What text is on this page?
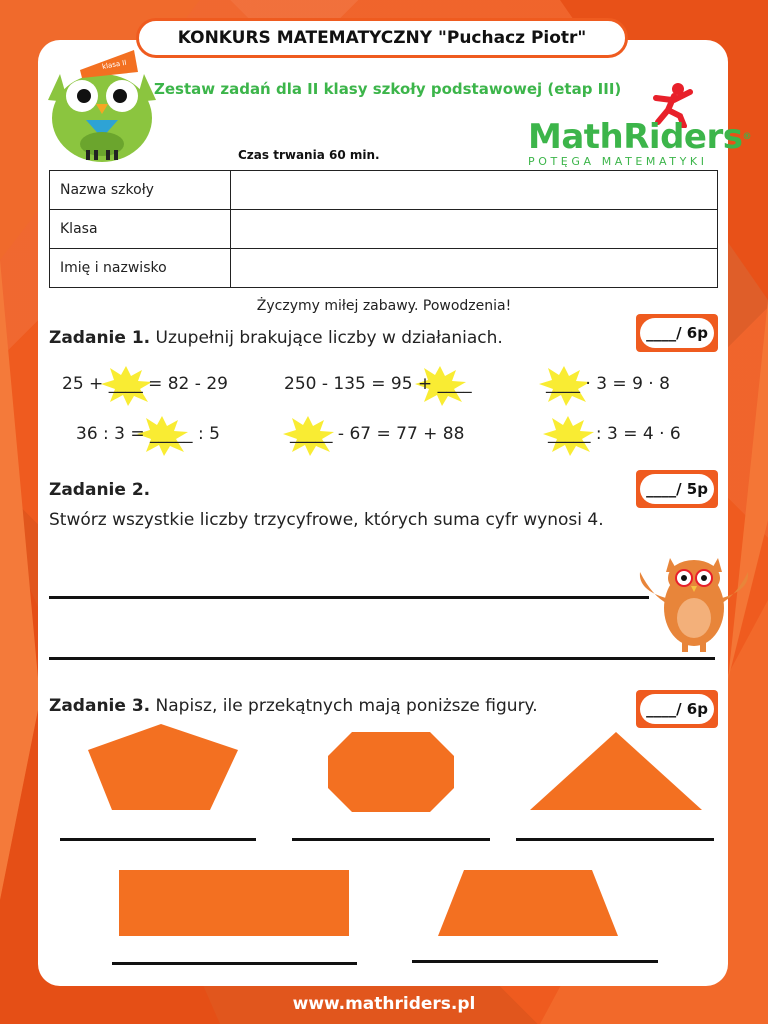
KONKURS MATEMATYCZNY "Puchacz Piotr"
klasa II
Zestaw zadań dla II klasy szkoły podstawowej (etap III)
MathRiders®
POTĘGA MATEMATYKI
Czas trwania 60 min.
Nazwa szkoły	
Klasa	
Imię i nazwisko	
Życzymy miłej zabawy. Powodzenia!
Zadanie 1. Uzupełnij brakujące liczby w działaniach.	____/ 6p
25 + ____ = 82 - 29	250 - 135 = 95 + ____	____ · 3 = 9 · 8
36 : 3 = _____ : 5	_____ - 67 = 77 + 88	_____ : 3 = 4 · 6
Zadanie 2.	____/ 5p
Stwórz wszystkie liczby trzycyfrowe, których suma cyfr wynosi 4.
Zadanie 3. Napisz, ile przekątnych mają poniższe figury.	____/ 6p
www.mathriders.pl
